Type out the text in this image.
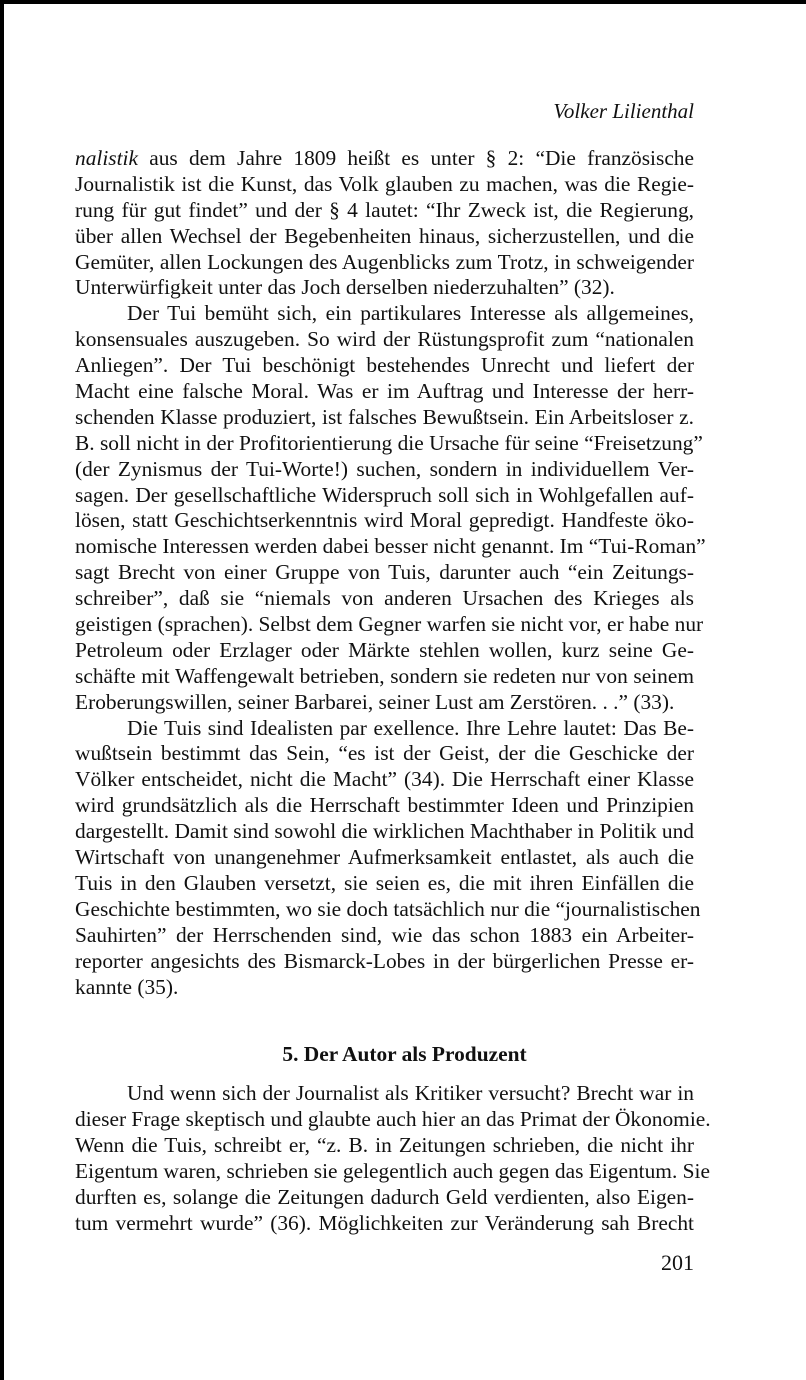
Volker Lilienthal
nalistik aus dem Jahre 1809 heißt es unter § 2: “Die französische
Journalistik ist die Kunst, das Volk glauben zu machen, was die Regie-
rung für gut findet” und der § 4 lautet: “Ihr Zweck ist, die Regierung,
über allen Wechsel der Begebenheiten hinaus, sicherzustellen, und die
Gemüter, allen Lockungen des Augenblicks zum Trotz, in schweigender
Unterwürfigkeit unter das Joch derselben niederzuhalten” (32).
Der Tui bemüht sich, ein partikulares Interesse als allgemeines,
konsensuales auszugeben. So wird der Rüstungsprofit zum “nationalen
Anliegen”. Der Tui beschönigt bestehendes Unrecht und liefert der
Macht eine falsche Moral. Was er im Auftrag und Interesse der herr-
schenden Klasse produziert, ist falsches Bewußtsein. Ein Arbeitsloser z.
B. soll nicht in der Profitorientierung die Ursache für seine “Freisetzung”
(der Zynismus der Tui-Worte!) suchen, sondern in individuellem Ver-
sagen. Der gesellschaftliche Widerspruch soll sich in Wohlgefallen auf-
lösen, statt Geschichtserkenntnis wird Moral gepredigt. Handfeste öko-
nomische Interessen werden dabei besser nicht genannt. Im “Tui-Roman”
sagt Brecht von einer Gruppe von Tuis, darunter auch “ein Zeitungs-
schreiber”, daß sie “niemals von anderen Ursachen des Krieges als
geistigen (sprachen). Selbst dem Gegner warfen sie nicht vor, er habe nur
Petroleum oder Erzlager oder Märkte stehlen wollen, kurz seine Ge-
schäfte mit Waffengewalt betrieben, sondern sie redeten nur von seinem
Eroberungswillen, seiner Barbarei, seiner Lust am Zerstören. . .” (33).
Die Tuis sind Idealisten par exellence. Ihre Lehre lautet: Das Be-
wußtsein bestimmt das Sein, “es ist der Geist, der die Geschicke der
Völker entscheidet, nicht die Macht” (34). Die Herrschaft einer Klasse
wird grundsätzlich als die Herrschaft bestimmter Ideen und Prinzipien
dargestellt. Damit sind sowohl die wirklichen Machthaber in Politik und
Wirtschaft von unangenehmer Aufmerksamkeit entlastet, als auch die
Tuis in den Glauben versetzt, sie seien es, die mit ihren Einfällen die
Geschichte bestimmten, wo sie doch tatsächlich nur die “journalistischen
Sauhirten” der Herrschenden sind, wie das schon 1883 ein Arbeiter-
reporter angesichts des Bismarck-Lobes in der bürgerlichen Presse er-
kannte (35).
5. Der Autor als Produzent
Und wenn sich der Journalist als Kritiker versucht? Brecht war in
dieser Frage skeptisch und glaubte auch hier an das Primat der Ökonomie.
Wenn die Tuis, schreibt er, “z. B. in Zeitungen schrieben, die nicht ihr
Eigentum waren, schrieben sie gelegentlich auch gegen das Eigentum. Sie
durften es, solange die Zeitungen dadurch Geld verdienten, also Eigen-
tum vermehrt wurde” (36). Möglichkeiten zur Veränderung sah Brecht
201
